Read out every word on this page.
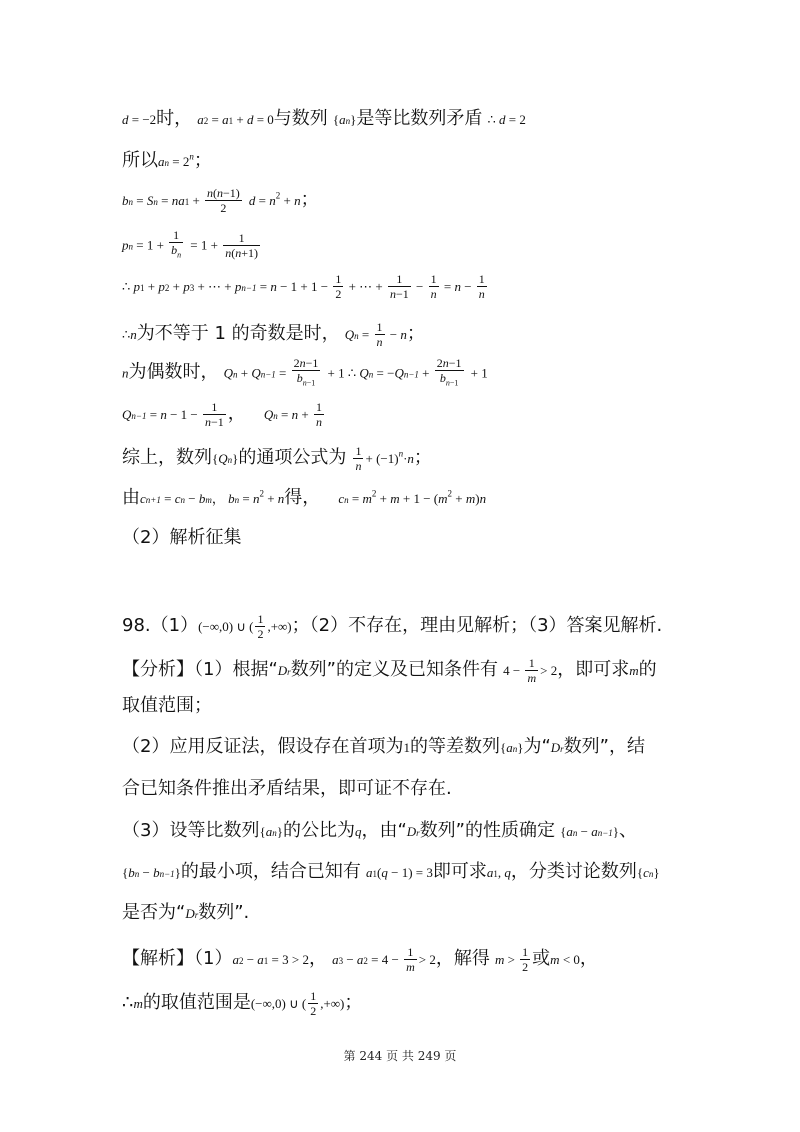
d = −2时， a2 = a1 + d = 0与数列 {an}是等比数列矛盾 ∴ d = 2
所以an = $2^n$；
bn = $Sn = na1 + \frac{n(n-1)}{2}$ $d = n^2 + n$；
pn = $1 + \frac{1}{b_n} = 1 + \frac{1}{n(n+1)}$
∴ p1 + p2 + p3 + ⋯ + $pn-1 = n - 1 + 1 - \frac{1}{2}$ + ⋯ + $\frac{1}{n-1} - \frac{1}{n} = n - \frac{1}{n}$
∴n为不等于 1 的奇数是时， $Qn = \frac{1}{n} - n$；
n为偶数时， $Qn + Qn-1 = \frac{2n-1}{b_{n-1}} + 1$ ∴ $Qn = -Qn-1 + \frac{2n-1}{b_{n-1}} + 1$
$Qn-1 = n - 1 - \frac{1}{n-1}$ ， $Qn = n + \frac{1}{n}$
综上，数列{Qn}的通项公式为 $\frac{1}{n} + (-1)^n\cdot n$；
由cn+1 = cn − bm， bn = $n^2 + n$得， cn = $m^2 + m + 1 - (m^2 + m)n$
（2）解析征集
98.（1）(−∞,0) ∪ ( $\frac{1}{2}$ ,+∞)；（2）不存在，理由见解析；（3）答案见解析.
【分析】（1）根据“Dr数列”的定义及已知条件有 $4 - \frac{1}{m} > 2$，即可求m的
取值范围；
（2）应用反证法，假设存在首项为1的等差数列{an}为“Dr数列”，结
合已知条件推出矛盾结果，即可证不存在.
（3）设等比数列{an}的公比为q，由“Dr数列”的性质确定 {an − an−1}、
{bn − bn−1}的最小项，结合已知有 a1(q − 1) = 3即可求a1, q，分类讨论数列{cn}
是否为“Dr数列”.
【解析】（1）a2 − a1 = 3 > 2， $a3 - a2 = 4 - \frac{1}{m} > 2$，解得 $m > \frac{1}{2}$ 或m < 0，
∴m的取值范围是(−∞,0) ∪ ( $\frac{1}{2}$ ,+∞)；
第 244 页 共 249 页
